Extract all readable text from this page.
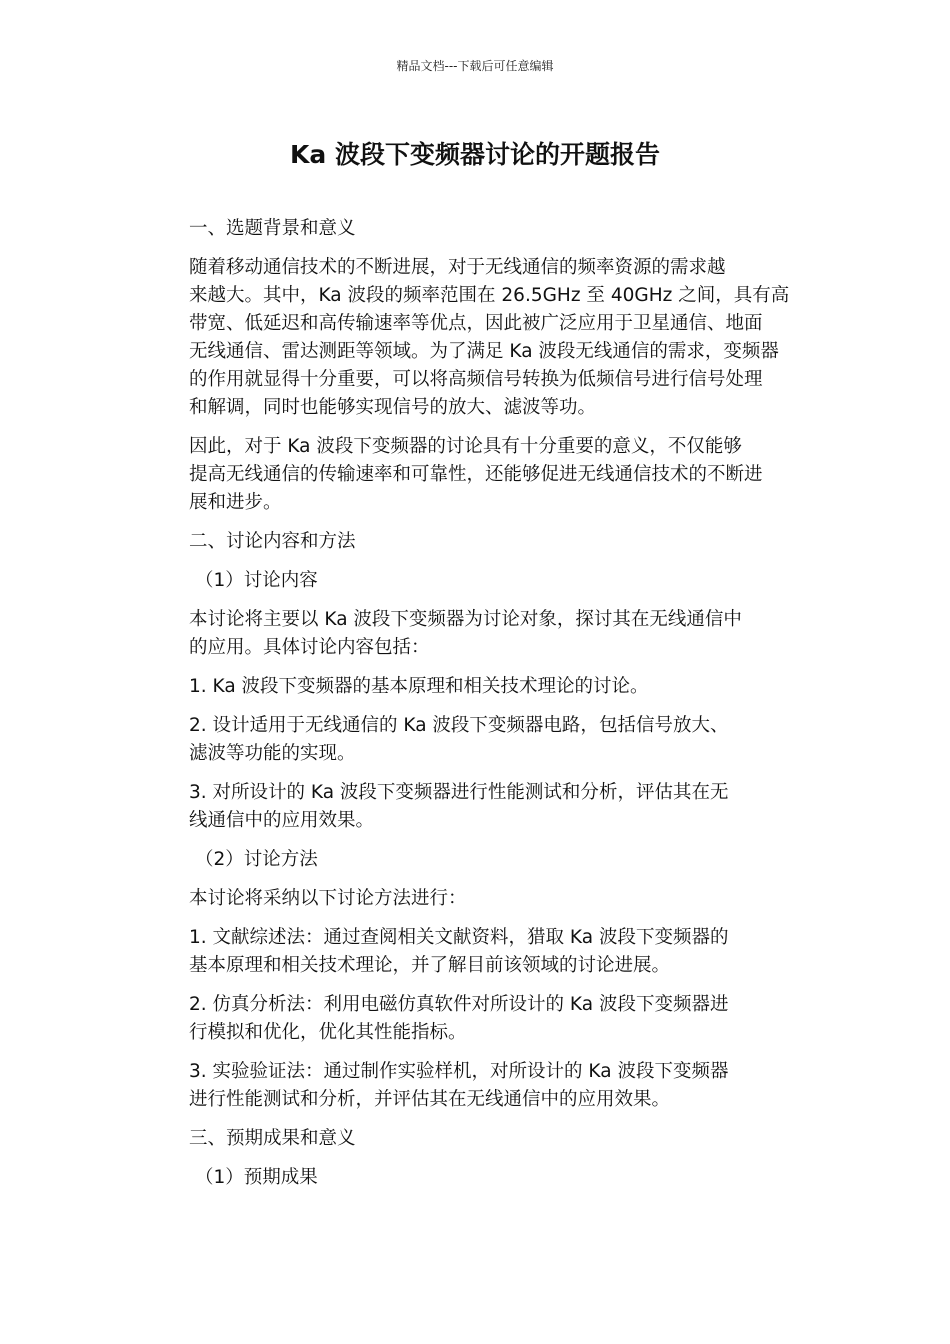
精品文档---下载后可任意编辑
Ka 波段下变频器讨论的开题报告
一、选题背景和意义
随着移动通信技术的不断进展，对于无线通信的频率资源的需求越
来越大。其中，Ka 波段的频率范围在 26.5GHz 至 40GHz 之间，具有高
带宽、低延迟和高传输速率等优点，因此被广泛应用于卫星通信、地面
无线通信、雷达测距等领域。为了满足 Ka 波段无线通信的需求，变频器
的作用就显得十分重要，可以将高频信号转换为低频信号进行信号处理
和解调，同时也能够实现信号的放大、滤波等功。
因此，对于 Ka 波段下变频器的讨论具有十分重要的意义，不仅能够
提高无线通信的传输速率和可靠性，还能够促进无线通信技术的不断进
展和进步。
二、讨论内容和方法
（1）讨论内容
本讨论将主要以 Ka 波段下变频器为讨论对象，探讨其在无线通信中
的应用。具体讨论内容包括：
1. Ka 波段下变频器的基本原理和相关技术理论的讨论。
2. 设计适用于无线通信的 Ka 波段下变频器电路，包括信号放大、
滤波等功能的实现。
3. 对所设计的 Ka 波段下变频器进行性能测试和分析，评估其在无
线通信中的应用效果。
（2）讨论方法
本讨论将采纳以下讨论方法进行：
1. 文献综述法：通过查阅相关文献资料，猎取 Ka 波段下变频器的
基本原理和相关技术理论，并了解目前该领域的讨论进展。
2. 仿真分析法：利用电磁仿真软件对所设计的 Ka 波段下变频器进
行模拟和优化，优化其性能指标。
3. 实验验证法：通过制作实验样机，对所设计的 Ka 波段下变频器
进行性能测试和分析，并评估其在无线通信中的应用效果。
三、预期成果和意义
（1）预期成果
